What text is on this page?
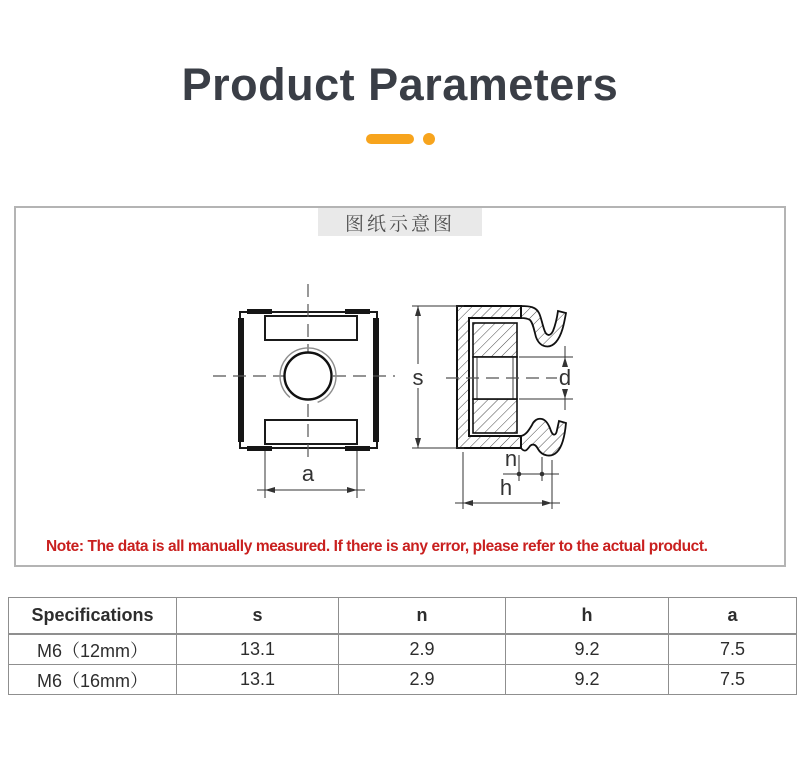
Product Parameters
a
s	d
n
h
图纸示意图
Note: The data is all manually measured. If there is any error, please refer to the actual product.
Specifications	s	n	h	a
M6（12mm）	13.1	2.9	9.2	7.5
M6（16mm）	13.1	2.9	9.2	7.5
